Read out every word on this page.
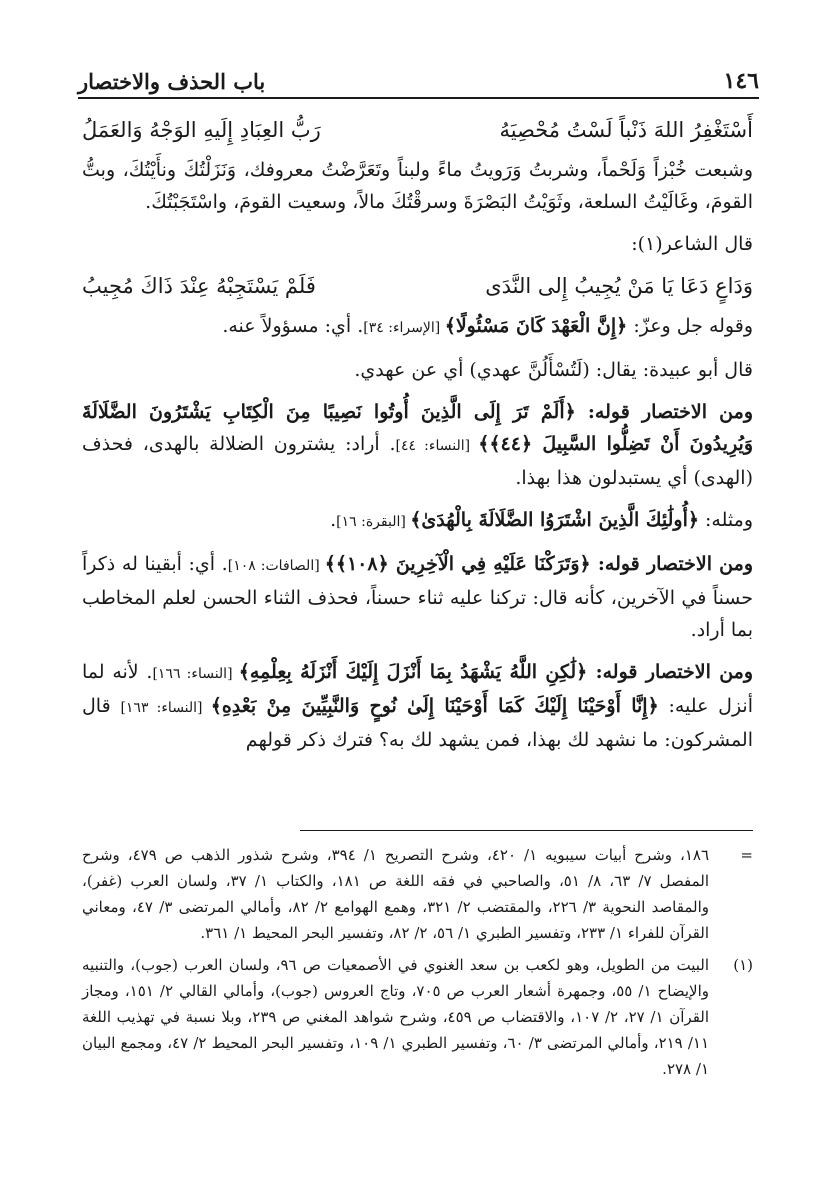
١٤٦
باب الحذف والاختصار
أَسْتَغْفِرُ اللهَ ذَنْباً لَسْتُ مُحْصِيَهُ
رَبُّ العِبَادِ إِلَيهِ الوَجْهُ وَالعَمَلُ

وشبعت خُبْزاً وَلَحْماً، وشربتُ وَرَويتُ ماءً ولبناً وتَعَرَّضْتُ معروفك، وَنَزَلْتُكَ ونأَيْتُكَ، وبتُّ القومَ، وغَالَيْتُ السلعة، وثَوَيْتُ البَصْرَةَ وسرقْتُكَ مالاً، وسعيت القومَ، واسْتَجَبْتُكَ.

قال الشاعر(١):

وَدَاعٍ دَعَا يَا مَنْ يُجِيبُ إِلى النَّدَى
فَلَمْ يَسْتَجِبْهُ عِنْدَ ذَاكَ مُجِيبُ

وقوله جل وعزّ: ﴿إِنَّ الْعَهْدَ كَانَ مَسْئُولًا﴾ [الإسراء: ٣٤]. أي: مسؤولاً عنه.

قال أبو عبيدة: يقال: (لَتُسْأَلُنَّ عهدي) أي عن عهدي.

ومن الاختصار قوله: ﴿أَلَمْ تَرَ إِلَى الَّذِينَ أُوتُوا نَصِيبًا مِنَ الْكِتَابِ يَشْتَرُونَ الضَّلَالَةَ وَيُرِيدُونَ أَنْ تَضِلُّوا السَّبِيلَ ﴿٤٤﴾﴾ [النساء: ٤٤]. أراد: يشترون الضلالة بالهدى، فحذف (الهدى) أي يستبدلون هذا بهذا.

ومثله: ﴿أُولَٰئِكَ الَّذِينَ اشْتَرَوُا الضَّلَالَةَ بِالْهُدَىٰ﴾ [البقرة: ١٦].

ومن الاختصار قوله: ﴿وَتَرَكْنَا عَلَيْهِ فِي الْآخِرِينَ ﴿١٠٨﴾﴾ [الصافات: ١٠٨]. أي: أبقينا له ذكراً حسناً في الآخرين، كأنه قال: تركنا عليه ثناء حسناً، فحذف الثناء الحسن لعلم المخاطب بما أراد.

ومن الاختصار قوله: ﴿لَٰكِنِ اللَّهُ يَشْهَدُ بِمَا أَنْزَلَ إِلَيْكَ أَنْزَلَهُ بِعِلْمِهِ﴾ [النساء: ١٦٦]. لأنه لما أنزل عليه: ﴿إِنَّا أَوْحَيْنَا إِلَيْكَ كَمَا أَوْحَيْنَا إِلَىٰ نُوحٍ وَالنَّبِيِّينَ مِنْ بَعْدِهِ﴾ [النساء: ١٦٣] قال المشركون: ما نشهد لك بهذا، فمن يشهد لك به؟ فترك ذكر قولهم

=
١٨٦، وشرح أبيات سيبويه ١/ ٤٢٠، وشرح التصريح ١/ ٣٩٤، وشرح شذور الذهب ص ٤٧٩، وشرح المفصل ٧/ ٦٣، ٨/ ٥١، والصاحبي في فقه اللغة ص ١٨١، والكتاب ١/ ٣٧، ولسان العرب (غفر)، والمقاصد النحوية ٣/ ٢٢٦، والمقتضب ٢/ ٣٢١، وهمع الهوامع ٢/ ٨٢، وأمالي المرتضى ٣/ ٤٧، ومعاني القرآن للفراء ١/ ٢٣٣، وتفسير الطبري ١/ ٥٦، ٢/ ٨٢، وتفسير البحر المحيط ١/ ٣٦١.
(١)
البيت من الطويل، وهو لكعب بن سعد الغنوي في الأصمعيات ص ٩٦، ولسان العرب (جوب)، والتنبيه والإيضاح ١/ ٥٥، وجمهرة أشعار العرب ص ٧٠٥، وتاج العروس (جوب)، وأمالي القالي ٢/ ١٥١، ومجاز القرآن ١/ ٢٧، ٢/ ١٠٧، والاقتضاب ص ٤٥٩، وشرح شواهد المغني ص ٢٣٩، وبلا نسبة في تهذيب اللغة ١١/ ٢١٩، وأمالي المرتضى ٣/ ٦٠، وتفسير الطبري ١/ ١٠٩، وتفسير البحر المحيط ٢/ ٤٧، ومجمع البيان ١/ ٢٧٨.
